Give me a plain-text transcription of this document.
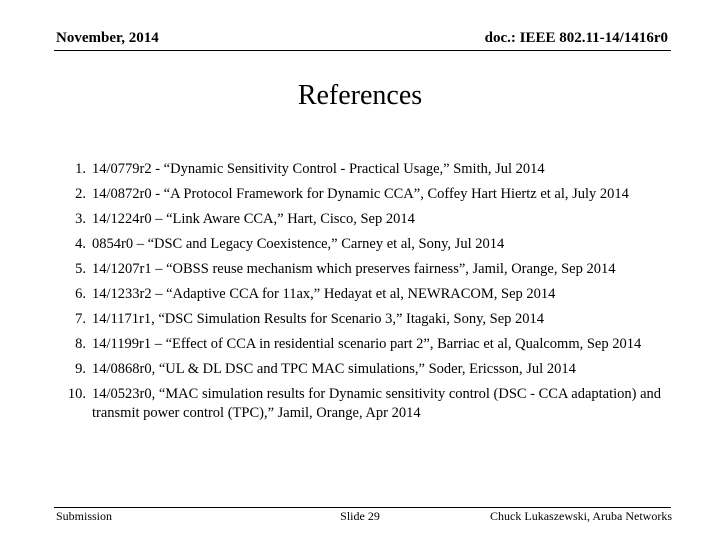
November, 2014	doc.: IEEE 802.11-14/1416r0
References
1. 14/0779r2 - “Dynamic Sensitivity Control - Practical Usage,” Smith, Jul 2014
2. 14/0872r0 - “A Protocol Framework for Dynamic CCA”, Coffey Hart Hiertz et al, July 2014
3. 14/1224r0 – “Link Aware CCA,” Hart, Cisco, Sep 2014
4. 0854r0 – “DSC and Legacy Coexistence,” Carney et al, Sony, Jul 2014
5. 14/1207r1 – “OBSS reuse mechanism which preserves fairness”, Jamil, Orange, Sep 2014
6. 14/1233r2 – “Adaptive CCA for 11ax,” Hedayat et al, NEWRACOM, Sep 2014
7. 14/1171r1, “DSC Simulation Results for Scenario 3,” Itagaki, Sony, Sep 2014
8. 14/1199r1 – “Effect of CCA in residential scenario part 2”, Barriac et al, Qualcomm, Sep 2014
9. 14/0868r0, “UL & DL DSC and TPC MAC simulations,” Soder, Ericsson, Jul 2014
10. 14/0523r0, “MAC simulation results for Dynamic sensitivity control (DSC - CCA adaptation) and transmit power control (TPC),” Jamil, Orange, Apr 2014
Submission	Slide 29	Chuck Lukaszewski, Aruba Networks
